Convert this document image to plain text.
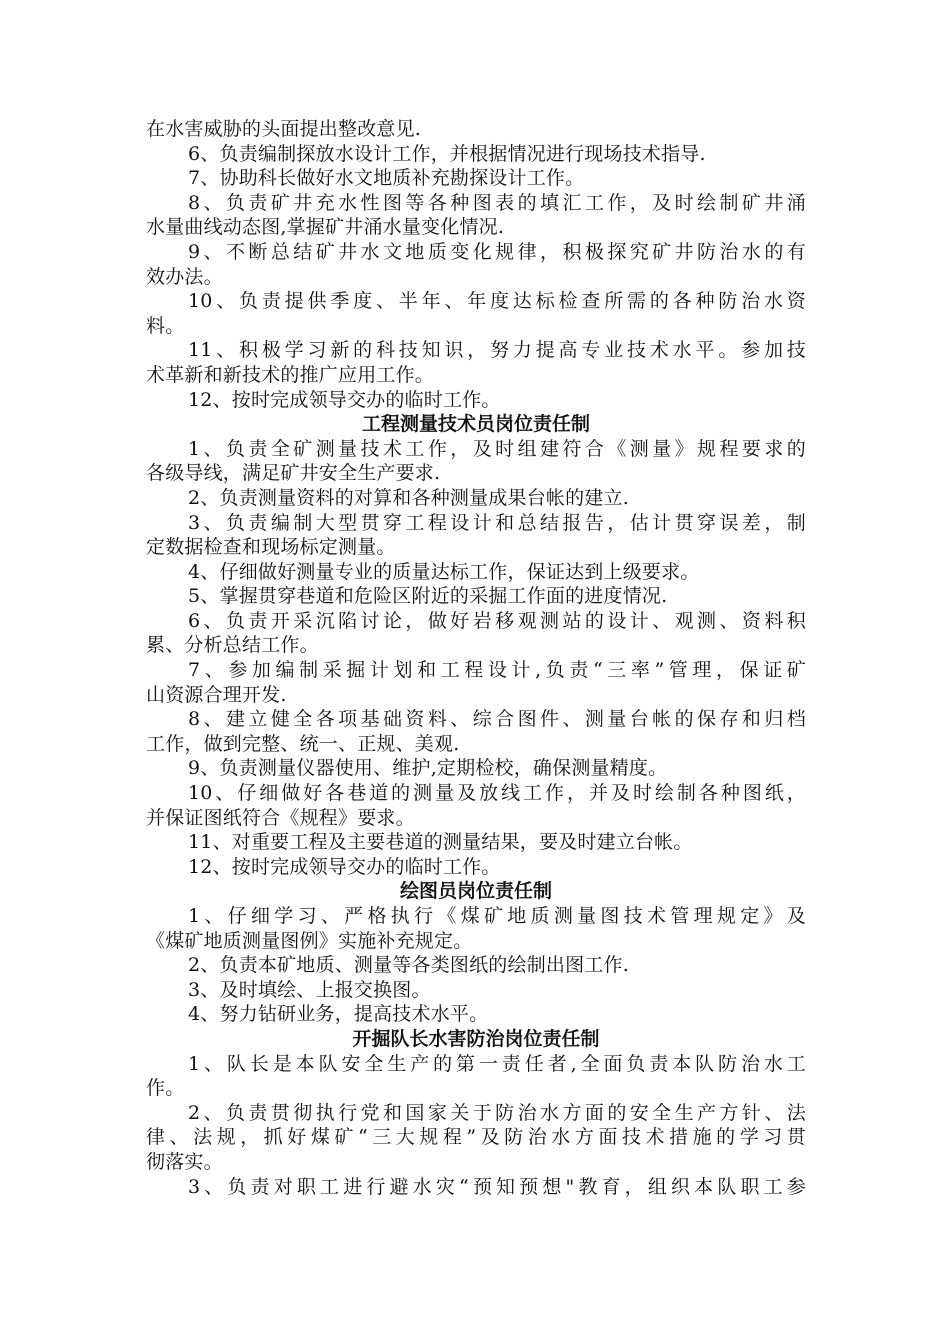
在水害威胁的头面提出整改意见.
6、负责编制探放水设计工作，并根据情况进行现场技术指导.
7、协助科长做好水文地质补充勘探设计工作。
8、负责矿井充水性图等各种图表的填汇工作，及时绘制矿井涌
水量曲线动态图,掌握矿井涌水量变化情况.
9、不断总结矿井水文地质变化规律，积极探究矿井防治水的有
效办法。
10、负责提供季度、半年、年度达标检查所需的各种防治水资
料。
11、积极学习新的科技知识，努力提高专业技术水平。参加技
术革新和新技术的推广应用工作。
12、按时完成领导交办的临时工作。
工程测量技术员岗位责任制
1、负责全矿测量技术工作，及时组建符合《测量》规程要求的
各级导线，满足矿井安全生产要求.
2、负责测量资料的对算和各种测量成果台帐的建立.
3、负责编制大型贯穿工程设计和总结报告，估计贯穿误差，制
定数据检查和现场标定测量。
4、仔细做好测量专业的质量达标工作，保证达到上级要求。
5、掌握贯穿巷道和危险区附近的采掘工作面的进度情况.
6、负责开采沉陷讨论，做好岩移观测站的设计、观测、资料积
累、分析总结工作。
7、参加编制采掘计划和工程设计,负责“三率”管理，保证矿
山资源合理开发.
8、建立健全各项基础资料、综合图件、测量台帐的保存和归档
工作，做到完整、统一、正规、美观.
9、负责测量仪器使用、维护,定期检校，确保测量精度。
10、仔细做好各巷道的测量及放线工作，并及时绘制各种图纸，
并保证图纸符合《规程》要求。
11、对重要工程及主要巷道的测量结果，要及时建立台帐。
12、按时完成领导交办的临时工作。
绘图员岗位责任制
1、仔细学习、严格执行《煤矿地质测量图技术管理规定》及
《煤矿地质测量图例》实施补充规定。
2、负责本矿地质、测量等各类图纸的绘制出图工作.
3、及时填绘、上报交换图。
4、努力钻研业务，提高技术水平。
开掘队长水害防治岗位责任制
1、队长是本队安全生产的第一责任者,全面负责本队防治水工
作。
2、负责贯彻执行党和国家关于防治水方面的安全生产方针、法
律、法规，抓好煤矿“三大规程”及防治水方面技术措施的学习贯
彻落实。
3、负责对职工进行避水灾“预知预想"教育，组织本队职工参
